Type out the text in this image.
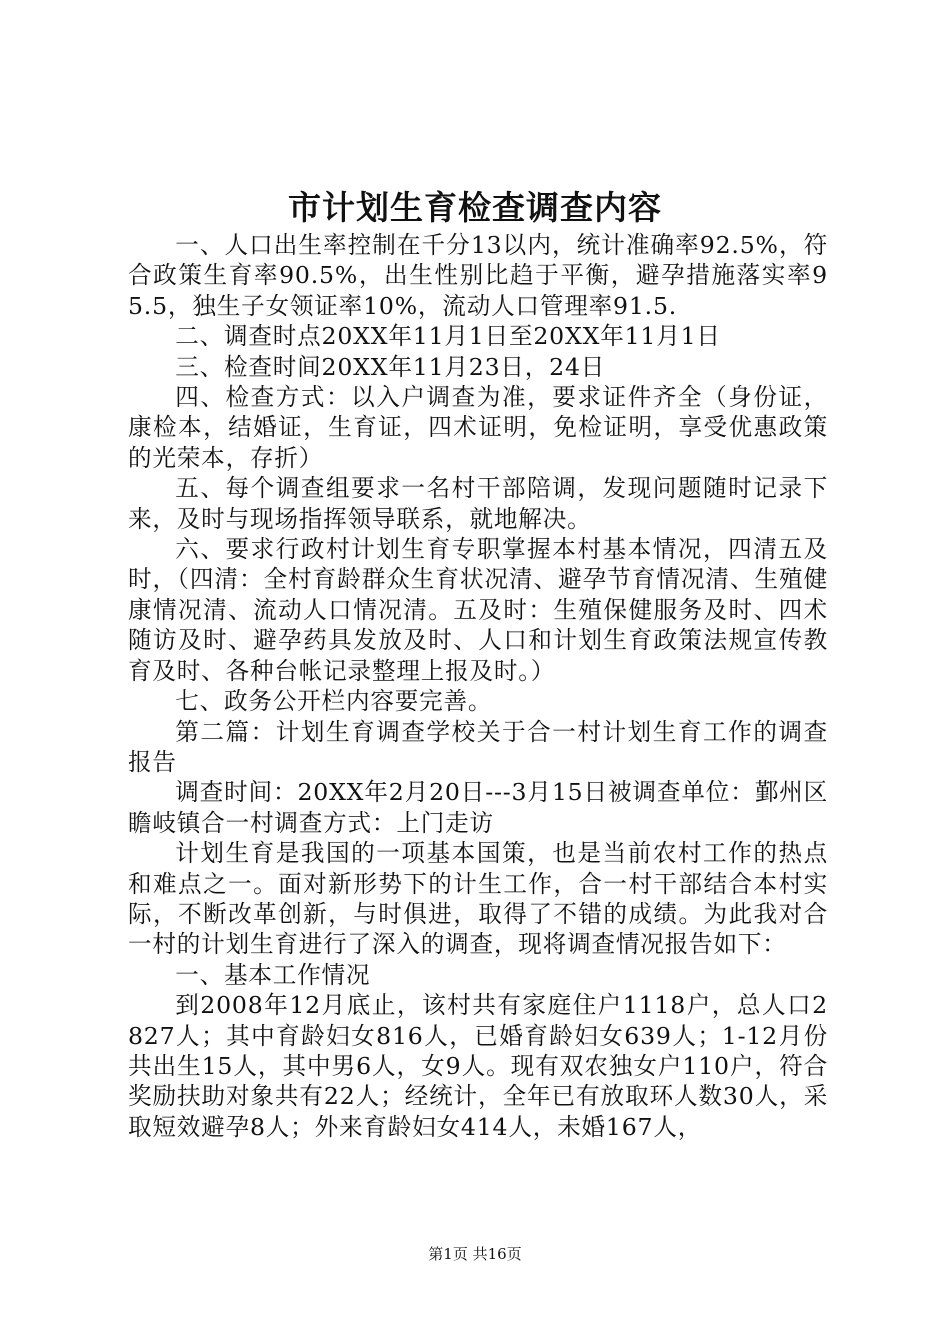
市计划生育检查调查内容

一、人口出生率控制在千分13以内，统计准确率92.5%，符合政策生育率90.5%，出生性别比趋于平衡，避孕措施落实率95.5，独生子女领证率10%，流动人口管理率91.5.

二、调查时点20XX年11月1日至20XX年11月1日

三、检查时间20XX年11月23日，24日

四、检查方式：以入户调查为准，要求证件齐全（身份证，康检本，结婚证，生育证，四术证明，免检证明，享受优惠政策的光荣本，存折）

五、每个调查组要求一名村干部陪调，发现问题随时记录下来，及时与现场指挥领导联系，就地解决。

六、要求行政村计划生育专职掌握本村基本情况，四清五及时，（四清：全村育龄群众生育状况清、避孕节育情况清、生殖健康情况清、流动人口情况清。五及时：生殖保健服务及时、四术随访及时、避孕药具发放及时、人口和计划生育政策法规宣传教育及时、各种台帐记录整理上报及时。）

七、政务公开栏内容要完善。

第二篇：计划生育调查学校关于合一村计划生育工作的调查报告

调查时间：20XX年2月20日---3月15日被调查单位：鄞州区瞻岐镇合一村调查方式：上门走访

计划生育是我国的一项基本国策，也是当前农村工作的热点和难点之一。面对新形势下的计生工作，合一村干部结合本村实际，不断改革创新，与时俱进，取得了不错的成绩。为此我对合一村的计划生育进行了深入的调查，现将调查情况报告如下：

一、基本工作情况

到2008年12月底止，该村共有家庭住户1118户，总人口2827人；其中育龄妇女816人，已婚育龄妇女639人；1-12月份共出生15人，其中男6人，女9人。现有双农独女户110户，符合奖励扶助对象共有22人；经统计，全年已有放取环人数30人，采取短效避孕8人；外来育龄妇女414人，未婚167人，

第1页 共16页
